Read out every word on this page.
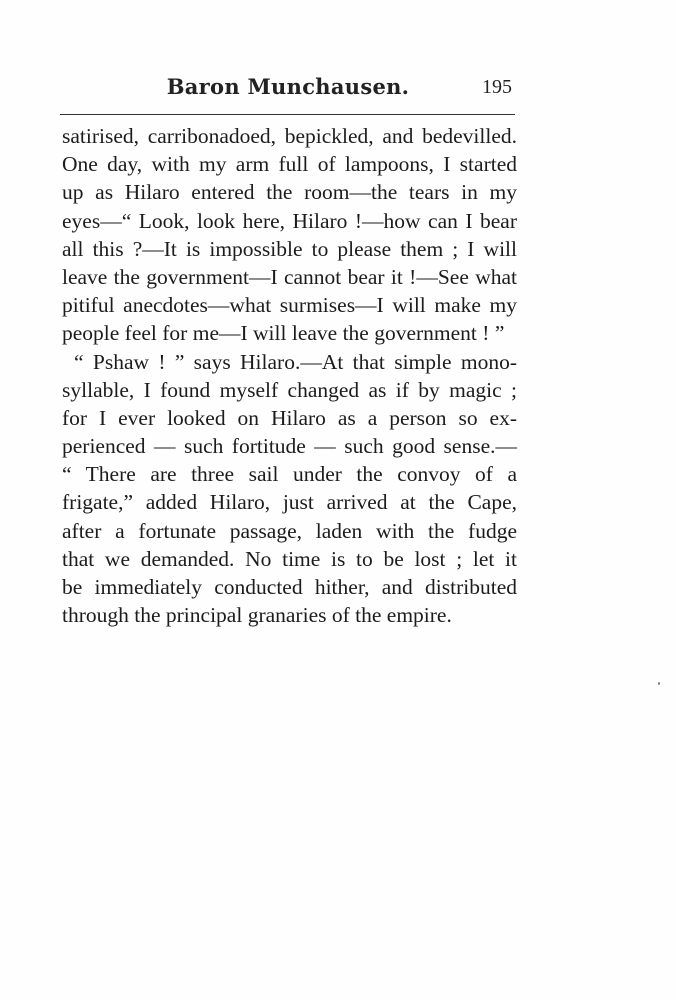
Baron Munchausen.	195
satirised, carribonadoed, bepickled, and bedevilled.
One day, with my arm full of lampoons, I started
up as Hilaro entered the room—the tears in my
eyes—“ Look, look here, Hilaro !—how can I bear
all this ?—It is impossible to please them ; I will
leave the government—I cannot bear it !—See what
pitiful anecdotes—what surmises—I will make my
people feel for me—I will leave the government ! ”
“ Pshaw ! ” says Hilaro.—At that simple mono-
syllable, I found myself changed as if by magic ;
for I ever looked on Hilaro as a person so ex-
perienced — such fortitude — such good sense.—
“ There are three sail under the convoy of a
frigate,” added Hilaro, just arrived at the Cape,
after a fortunate passage, laden with the fudge
that we demanded. No time is to be lost ; let it
be immediately conducted hither, and distributed
through the principal granaries of the empire.
